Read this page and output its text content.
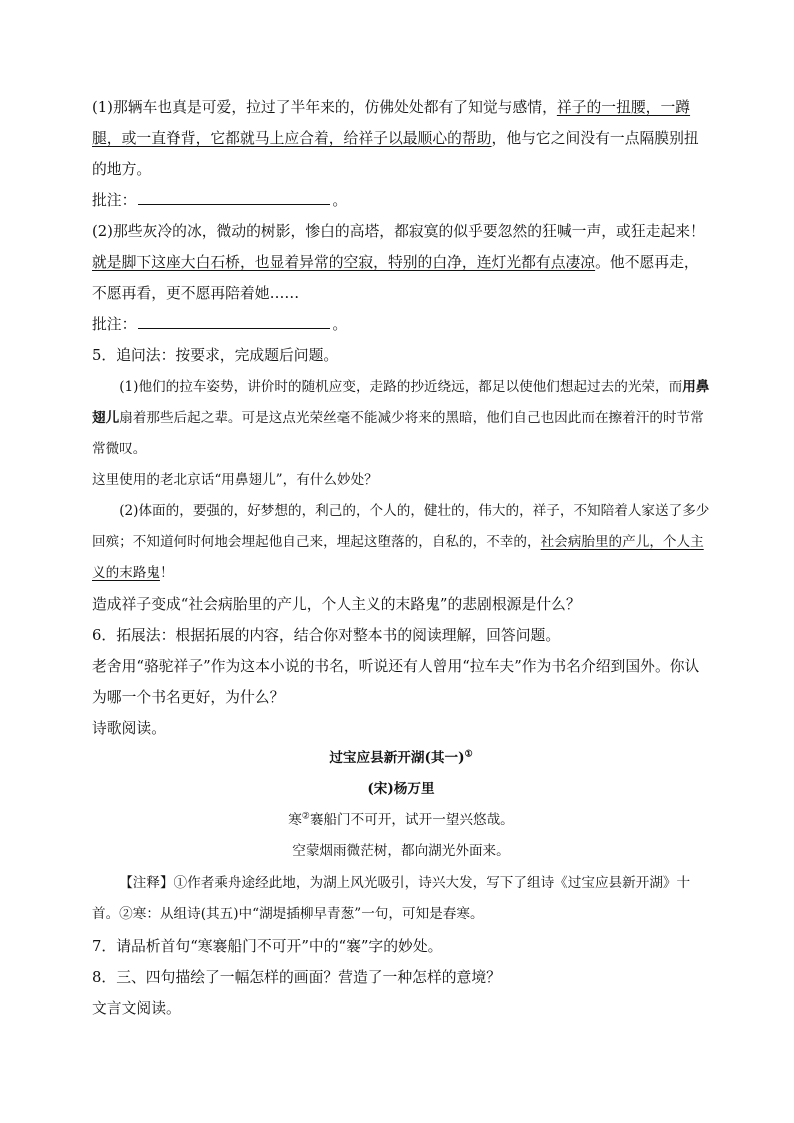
(1)那辆车也真是可爱，拉过了半年来的，仿佛处处都有了知觉与感情，祥子的一扭腰，一蹲腿，或一直脊背，它都就马上应合着，给祥子以最顺心的帮助，他与它之间没有一点隔膜别扭的地方。

批注：	。

(2)那些灰冷的冰，微动的树影，惨白的高塔，都寂寞的似乎要忽然的狂喊一声，或狂走起来！就是脚下这座大白石桥，也显着异常的空寂，特别的白净，连灯光都有点凄凉。他不愿再走，不愿再看，更不愿再陪着她……

批注：	。

5．追问法：按要求，完成题后问题。

(1)他们的拉车姿势，讲价时的随机应变，走路的抄近绕远，都足以使他们想起过去的光荣，而用鼻翅儿扇着那些后起之辈。可是这点光荣丝毫不能减少将来的黑暗，他们自己也因此而在擦着汗的时节常常微叹。

这里使用的老北京话“用鼻翅儿”，有什么妙处？

(2)体面的，要强的，好梦想的，利己的，个人的，健壮的，伟大的，祥子，不知陪着人家送了多少回殡；不知道何时何地会埋起他自己来，埋起这堕落的，自私的，不幸的，社会病胎里的产儿，个人主义的末路鬼！

造成祥子变成“社会病胎里的产儿，个人主义的末路鬼”的悲剧根源是什么？

6．拓展法：根据拓展的内容，结合你对整本书的阅读理解，回答问题。

老舍用“骆驼祥子”作为这本小说的书名，听说还有人曾用“拉车夫”作为书名介绍到国外。你认为哪一个书名更好，为什么？

诗歌阅读。

过宝应县新开湖(其一)①
(宋)杨万里

寒②褰船门不可开，试开一望兴悠哉。

空蒙烟雨微茫树，都向湖光外面来。

【注释】①作者乘舟途经此地，为湖上风光吸引，诗兴大发，写下了组诗《过宝应县新开湖》十首。②寒：从组诗(其五)中“湖堤插柳早青葱”一句，可知是春寒。

7．请品析首句“寒褰船门不可开”中的“褰”字的妙处。

8．三、四句描绘了一幅怎样的画面？营造了一种怎样的意境？

文言文阅读。
